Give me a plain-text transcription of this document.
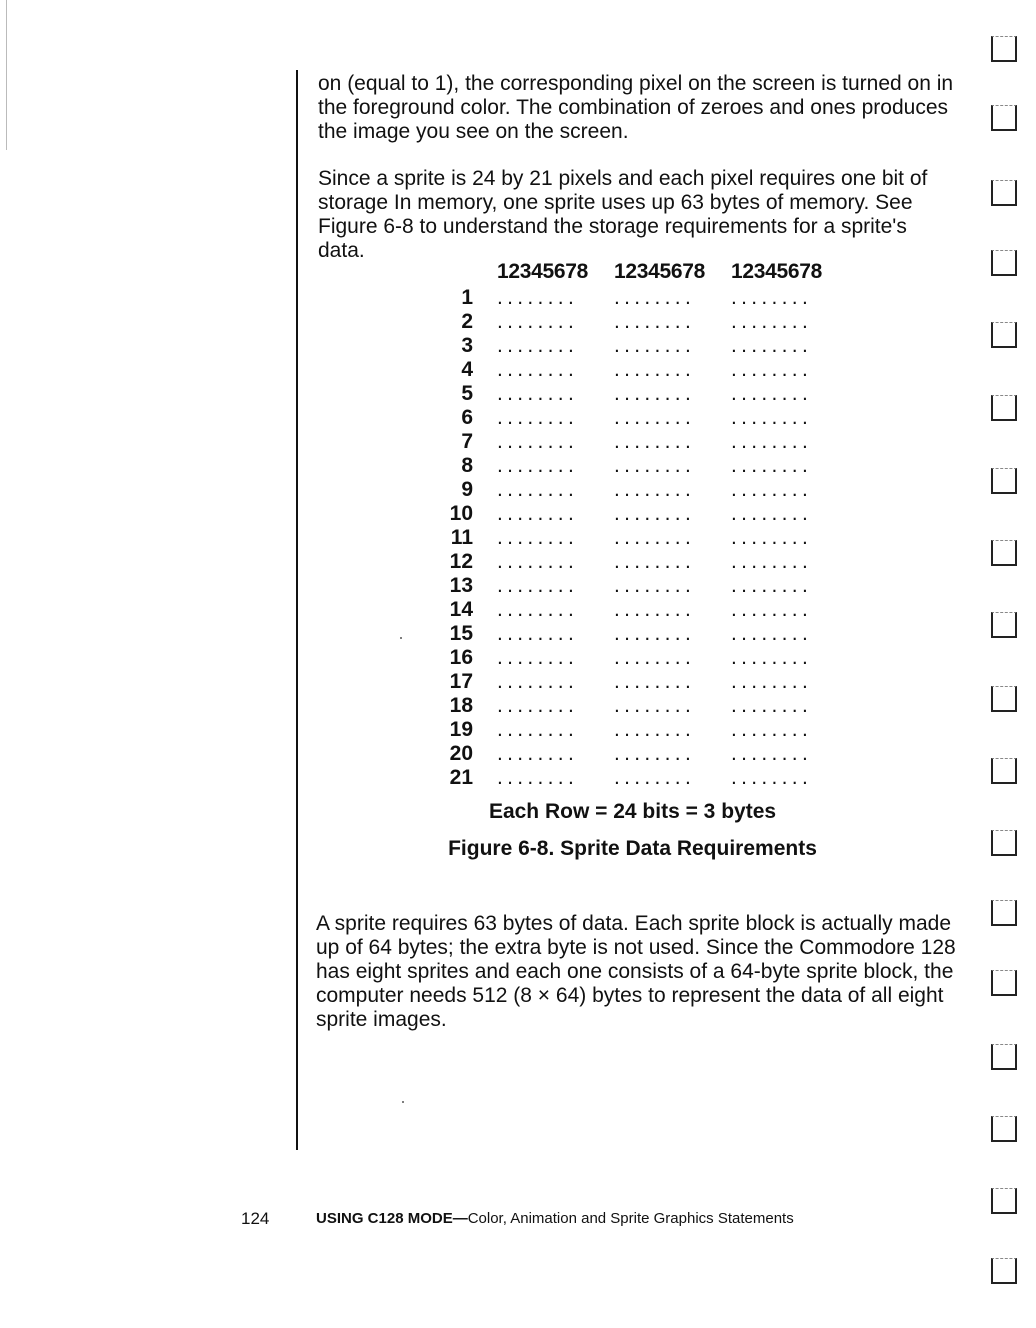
on (equal to 1), the corresponding pixel on the screen is turned on in the foreground color. The combination of zeroes and ones produces the image you see on the screen.

Since a sprite is 24 by 21 pixels and each pixel requires one bit of storage In memory, one sprite uses up 63 bytes of memory. See Figure 6-8 to understand the storage requirements for a sprite's data.

12345678 12345678 12345678
1 ........ ........ ........
2 ........ ........ ........
3 ........ ........ ........
4 ........ ........ ........
5 ........ ........ ........
6 ........ ........ ........
7 ........ ........ ........
8 ........ ........ ........
9 ........ ........ ........
10 ........ ........ ........
11 ........ ........ ........
12 ........ ........ ........
13 ........ ........ ........
14 ........ ........ ........
15 ........ ........ ........
16 ........ ........ ........
17 ........ ........ ........
18 ........ ........ ........
19 ........ ........ ........
20 ........ ........ ........
21 ........ ........ ........
Each Row = 24 bits = 3 bytes
Figure 6-8. Sprite Data Requirements

A sprite requires 63 bytes of data. Each sprite block is actually made up of 64 bytes; the extra byte is not used. Since the Commodore 128 has eight sprites and each one consists of a 64-byte sprite block, the computer needs 512 (8 × 64) bytes to represent the data of all eight sprite images.

124	USING C128 MODE—Color, Animation and Sprite Graphics Statements
